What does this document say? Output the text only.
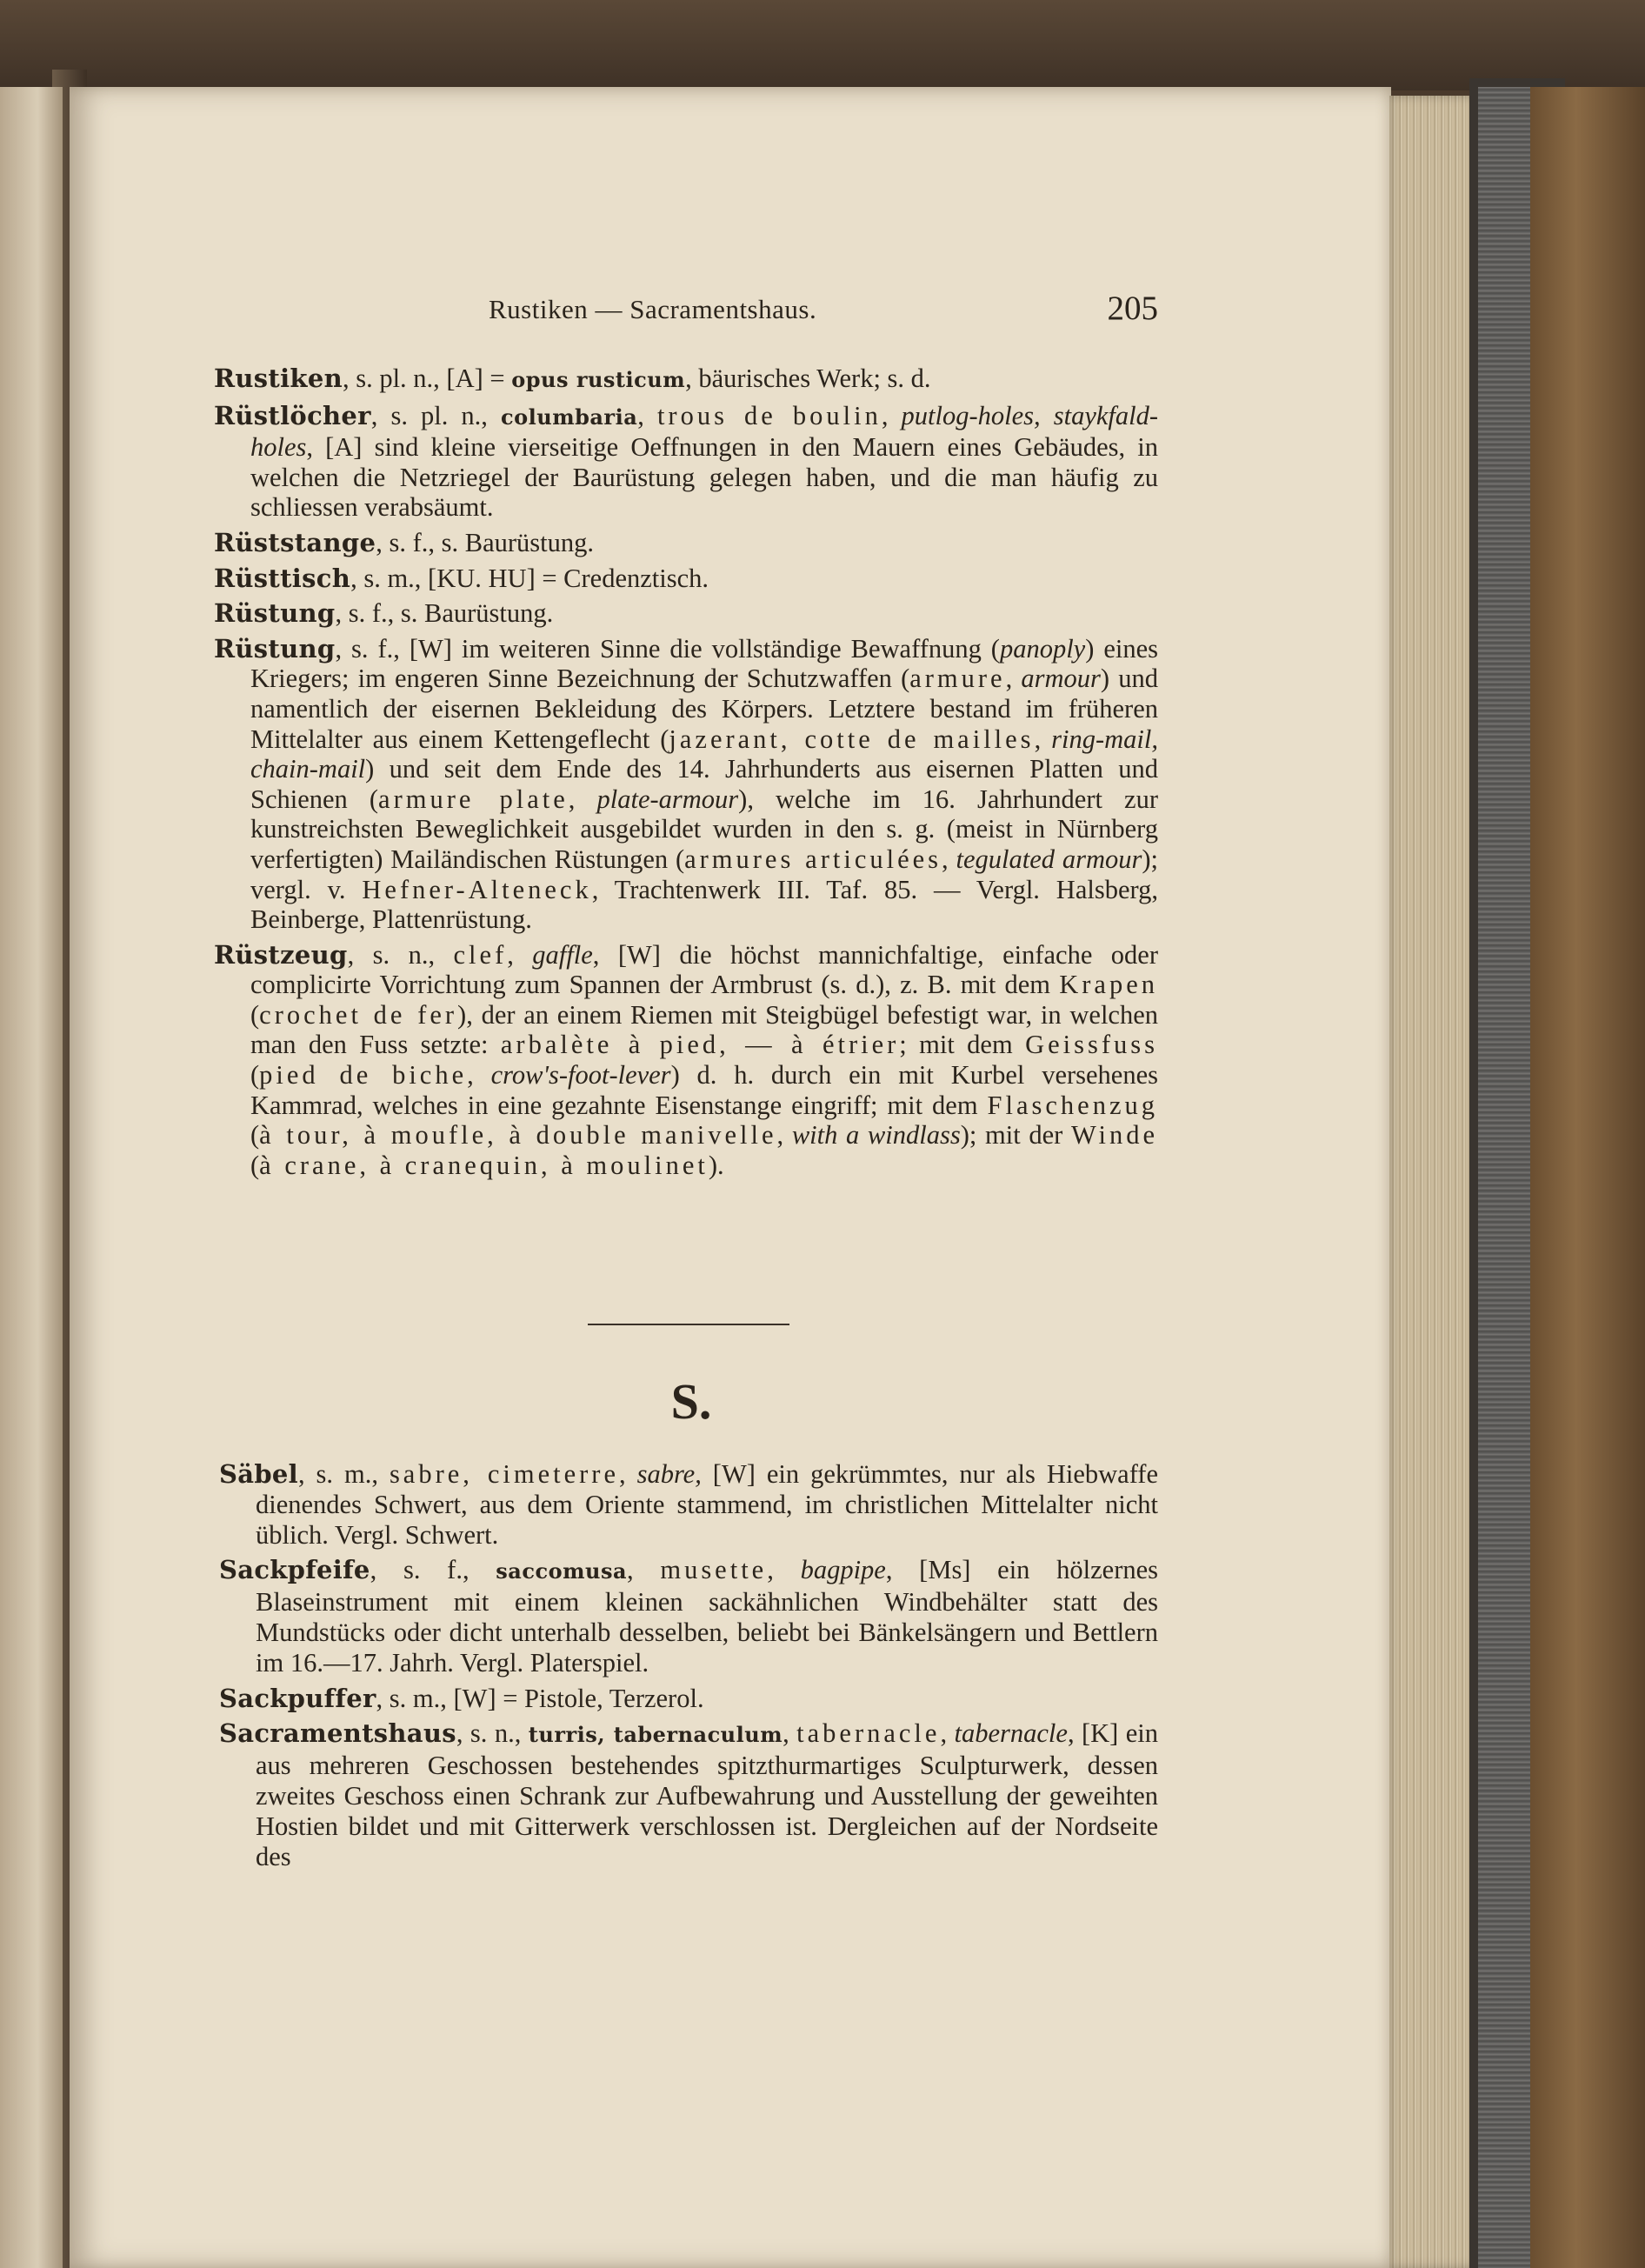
Rustiken — Sacramentshaus.	205

Rustiken, s. pl. n., [A] = opus rusticum, bäurisches Werk; s. d.

Rüstlöcher, s. pl. n., columbaria, trous de boulin, putlog-holes, staykfald-holes, [A] sind kleine vierseitige Oeffnungen in den Mauern eines Gebäudes, in welchen die Netzriegel der Baurüstung gelegen haben, und die man häufig zu schliessen verabsäumt.

Rüststange, s. f., s. Baurüstung.

Rüsttisch, s. m., [KU. HU] = Credenztisch.

Rüstung, s. f., s. Baurüstung.

Rüstung, s. f., [W] im weiteren Sinne die vollständige Bewaffnung (panoply) eines Kriegers; im engeren Sinne Bezeichnung der Schutzwaffen (armure, armour) und namentlich der eisernen Bekleidung des Körpers. Letztere bestand im früheren Mittelalter aus einem Kettengeflecht (jazerant, cotte de mailles, ring-mail, chain-mail) und seit dem Ende des 14. Jahrhunderts aus eisernen Platten und Schienen (armure plate, plate-armour), welche im 16. Jahrhundert zur kunstreichsten Beweglichkeit ausgebildet wurden in den s. g. (meist in Nürnberg verfertigten) Mailändischen Rüstungen (armures articulées, tegulated armour); vergl. v. Hefner-Alteneck, Trachtenwerk III. Taf. 85. — Vergl. Halsberg, Beinberge, Plattenrüstung.

Rüstzeug, s. n., clef, gaffle, [W] die höchst mannichfaltige, einfache oder complicirte Vorrichtung zum Spannen der Armbrust (s. d.), z. B. mit dem Krapen (crochet de fer), der an einem Riemen mit Steigbügel befestigt war, in welchen man den Fuss setzte: arbalète à pied, — à étrier; mit dem Geissfuss (pied de biche, crow's-foot-lever) d. h. durch ein mit Kurbel versehenes Kammrad, welches in eine gezahnte Eisenstange eingriff; mit dem Flaschenzug (à tour, à moufle, à double manivelle, with a windlass); mit der Winde (à crane, à cranequin, à moulinet).

S.

Säbel, s. m., sabre, cimeterre, sabre, [W] ein gekrümmtes, nur als Hiebwaffe dienendes Schwert, aus dem Oriente stammend, im christlichen Mittelalter nicht üblich. Vergl. Schwert.

Sackpfeife, s. f., saccomusa, musette, bagpipe, [Ms] ein hölzernes Blaseinstrument mit einem kleinen sackähnlichen Windbehälter statt des Mundstücks oder dicht unterhalb desselben, beliebt bei Bänkelsängern und Bettlern im 16.—17. Jahrh. Vergl. Platerspiel.

Sackpuffer, s. m., [W] = Pistole, Terzerol.

Sacramentshaus, s. n., turris, tabernaculum, tabernacle, tabernacle, [K] ein aus mehreren Geschossen bestehendes spitzthurmartiges Sculpturwerk, dessen zweites Geschoss einen Schrank zur Aufbewahrung und Ausstellung der geweihten Hostien bildet und mit Gitterwerk verschlossen ist. Dergleichen auf der Nordseite des
